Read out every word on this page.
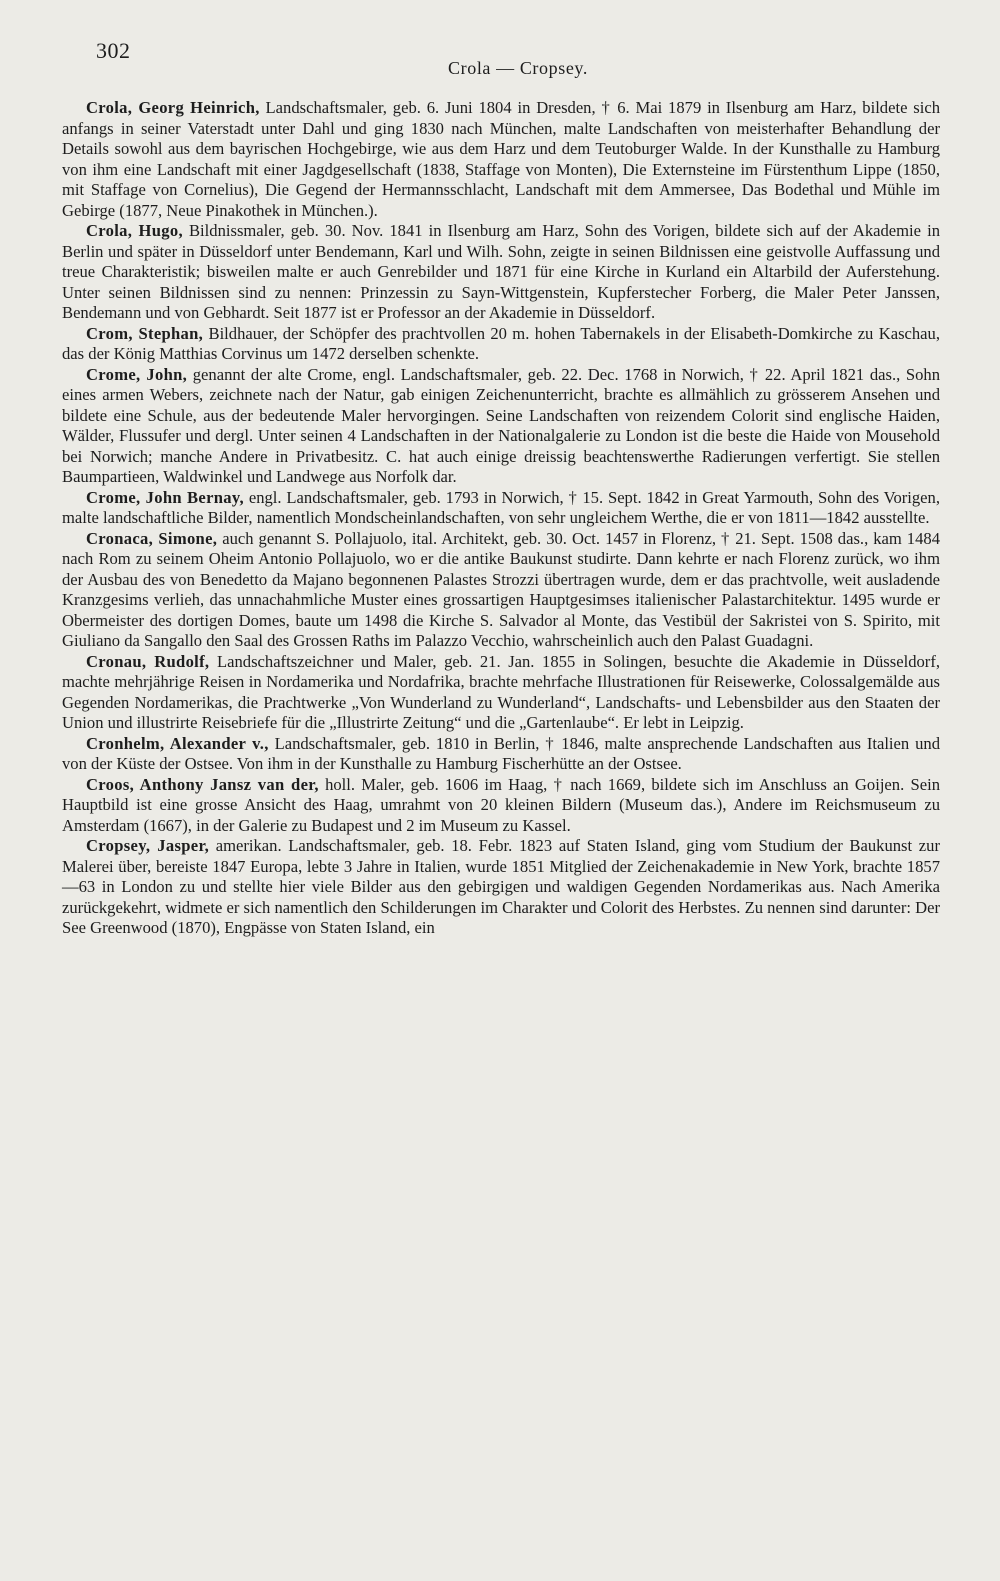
302
Crola — Cropsey.

Crola, Georg Heinrich, Landschaftsmaler, geb. 6. Juni 1804 in Dresden, † 6. Mai 1879 in Ilsenburg am Harz, bildete sich anfangs in seiner Vaterstadt unter Dahl und ging 1830 nach München, malte Landschaften von meisterhafter Behandlung der Details sowohl aus dem bayrischen Hochgebirge, wie aus dem Harz und dem Teutoburger Walde. In der Kunsthalle zu Hamburg von ihm eine Landschaft mit einer Jagdgesellschaft (1838, Staffage von Monten), Die Externsteine im Fürstenthum Lippe (1850, mit Staffage von Cornelius), Die Gegend der Hermannsschlacht, Landschaft mit dem Ammersee, Das Bodethal und Mühle im Gebirge (1877, Neue Pinakothek in München.).

Crola, Hugo, Bildnissmaler, geb. 30. Nov. 1841 in Ilsenburg am Harz, Sohn des Vorigen, bildete sich auf der Akademie in Berlin und später in Düsseldorf unter Bendemann, Karl und Wilh. Sohn, zeigte in seinen Bildnissen eine geistvolle Auffassung und treue Charakteristik; bisweilen malte er auch Genrebilder und 1871 für eine Kirche in Kurland ein Altarbild der Auferstehung. Unter seinen Bildnissen sind zu nennen: Prinzessin zu Sayn-Wittgenstein, Kupferstecher Forberg, die Maler Peter Janssen, Bendemann und von Gebhardt. Seit 1877 ist er Professor an der Akademie in Düsseldorf.

Crom, Stephan, Bildhauer, der Schöpfer des prachtvollen 20 m. hohen Tabernakels in der Elisabeth-Domkirche zu Kaschau, das der König Matthias Corvinus um 1472 derselben schenkte.

Crome, John, genannt der alte Crome, engl. Landschaftsmaler, geb. 22. Dec. 1768 in Norwich, † 22. April 1821 das., Sohn eines armen Webers, zeichnete nach der Natur, gab einigen Zeichenunterricht, brachte es allmählich zu grösserem Ansehen und bildete eine Schule, aus der bedeutende Maler hervorgingen. Seine Landschaften von reizendem Colorit sind englische Haiden, Wälder, Flussufer und dergl. Unter seinen 4 Landschaften in der Nationalgalerie zu London ist die beste die Haide von Mousehold bei Norwich; manche Andere in Privatbesitz. C. hat auch einige dreissig beachtenswerthe Radierungen verfertigt. Sie stellen Baumpartieen, Waldwinkel und Landwege aus Norfolk dar.

Crome, John Bernay, engl. Landschaftsmaler, geb. 1793 in Norwich, † 15. Sept. 1842 in Great Yarmouth, Sohn des Vorigen, malte landschaftliche Bilder, namentlich Mondscheinlandschaften, von sehr ungleichem Werthe, die er von 1811—1842 ausstellte.

Cronaca, Simone, auch genannt S. Pollajuolo, ital. Architekt, geb. 30. Oct. 1457 in Florenz, † 21. Sept. 1508 das., kam 1484 nach Rom zu seinem Oheim Antonio Pollajuolo, wo er die antike Baukunst studirte. Dann kehrte er nach Florenz zurück, wo ihm der Ausbau des von Benedetto da Majano begonnenen Palastes Strozzi übertragen wurde, dem er das prachtvolle, weit ausladende Kranzgesims verlieh, das unnachahmliche Muster eines grossartigen Hauptgesimses italienischer Palastarchitektur. 1495 wurde er Obermeister des dortigen Domes, baute um 1498 die Kirche S. Salvador al Monte, das Vestibül der Sakristei von S. Spirito, mit Giuliano da Sangallo den Saal des Grossen Raths im Palazzo Vecchio, wahrscheinlich auch den Palast Guadagni.

Cronau, Rudolf, Landschaftszeichner und Maler, geb. 21. Jan. 1855 in Solingen, besuchte die Akademie in Düsseldorf, machte mehrjährige Reisen in Nordamerika und Nordafrika, brachte mehrfache Illustrationen für Reisewerke, Colossalgemälde aus Gegenden Nordamerikas, die Prachtwerke „Von Wunderland zu Wunderland“, Landschafts- und Lebensbilder aus den Staaten der Union und illustrirte Reisebriefe für die „Illustrirte Zeitung“ und die „Gartenlaube“. Er lebt in Leipzig.

Cronhelm, Alexander v., Landschaftsmaler, geb. 1810 in Berlin, † 1846, malte ansprechende Landschaften aus Italien und von der Küste der Ostsee. Von ihm in der Kunsthalle zu Hamburg Fischerhütte an der Ostsee.

Croos, Anthony Jansz van der, holl. Maler, geb. 1606 im Haag, † nach 1669, bildete sich im Anschluss an Goijen. Sein Hauptbild ist eine grosse Ansicht des Haag, umrahmt von 20 kleinen Bildern (Museum das.), Andere im Reichsmuseum zu Amsterdam (1667), in der Galerie zu Budapest und 2 im Museum zu Kassel.

Cropsey, Jasper, amerikan. Landschaftsmaler, geb. 18. Febr. 1823 auf Staten Island, ging vom Studium der Baukunst zur Malerei über, bereiste 1847 Europa, lebte 3 Jahre in Italien, wurde 1851 Mitglied der Zeichenakademie in New York, brachte 1857—63 in London zu und stellte hier viele Bilder aus den gebirgigen und waldigen Gegenden Nordamerikas aus. Nach Amerika zurückgekehrt, widmete er sich namentlich den Schilderungen im Charakter und Colorit des Herbstes. Zu nennen sind darunter: Der See Greenwood (1870), Engpässe von Staten Island, ein
